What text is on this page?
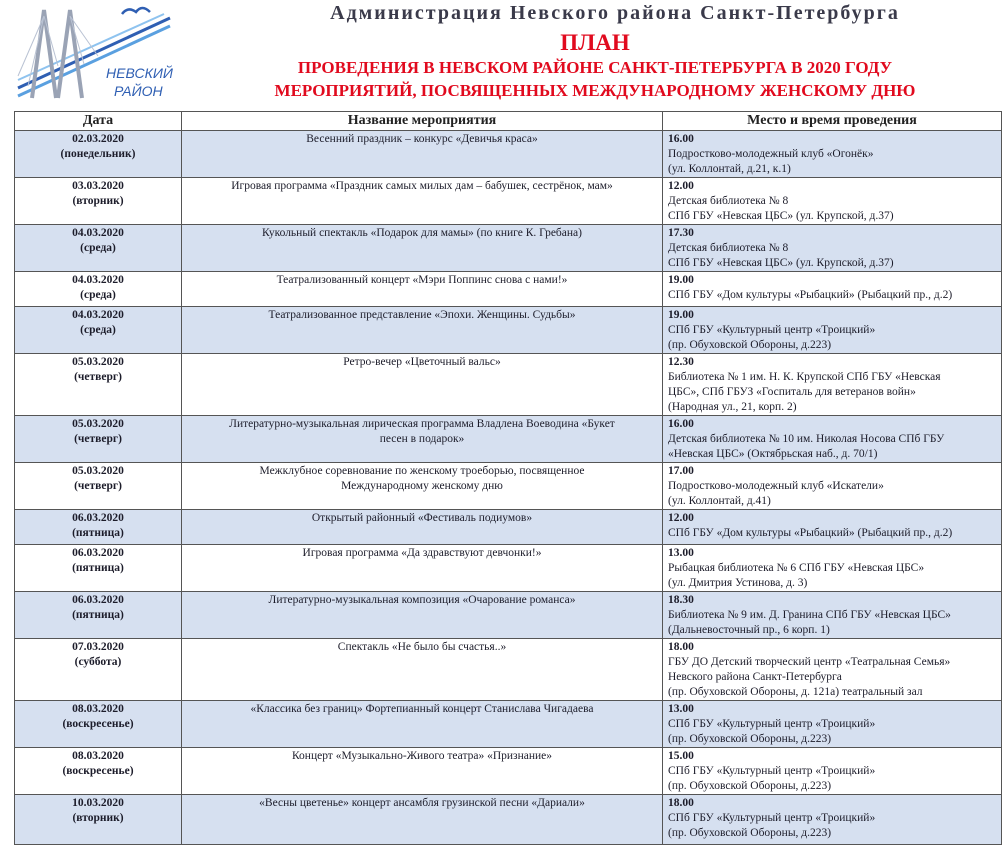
НЕВСКИЙ
РАЙОН
Администрация Невского района Санкт-Петербурга
ПЛАН
ПРОВЕДЕНИЯ В НЕВСКОМ РАЙОНЕ САНКТ-ПЕТЕРБУРГА В 2020 ГОДУ
МЕРОПРИЯТИЙ, ПОСВЯЩЕННЫХ МЕЖДУНАРОДНОМУ ЖЕНСКОМУ ДНЮ
Дата	Название мероприятия	Место и время проведения

02.03.2020
(понедельник)	Весенний праздник – конкурс «Девичья краса»	16.00
Подростково-молодежный клуб «Огонёк»
(ул. Коллонтай, д.21, к.1)

03.03.2020
(вторник)	Игровая программа «Праздник самых милых дам – бабушек, сестрёнок, мам»	12.00
Детская библиотека № 8
СПб ГБУ «Невская ЦБС» (ул. Крупской, д.37)

04.03.2020
(среда)	Кукольный спектакль «Подарок для мамы» (по книге К. Гребана)	17.30
Детская библиотека № 8
СПб ГБУ «Невская ЦБС» (ул. Крупской, д.37)

04.03.2020
(среда)	Театрализованный концерт «Мэри Поппинс снова с нами!»	19.00
СПб ГБУ «Дом культуры «Рыбацкий» (Рыбацкий пр., д.2)

04.03.2020
(среда)	Театрализованное представление «Эпохи. Женщины. Судьбы»	19.00
СПб ГБУ «Культурный центр «Троицкий»
(пр. Обуховской Обороны, д.223)

05.03.2020
(четверг)	Ретро-вечер «Цветочный вальс»	12.30
Библиотека № 1 им. Н. К. Крупской СПб ГБУ «Невская
ЦБС», СПб ГБУЗ «Госпиталь для ветеранов войн»
(Народная ул., 21, корп. 2)

05.03.2020
(четверг)	Литературно-музыкальная лирическая программа Владлена Воеводина «Букет
песен в подарок»	16.00
Детская библиотека № 10 им. Николая Носова СПб ГБУ
«Невская ЦБС» (Октябрьская наб., д. 70/1)

05.03.2020
(четверг)	Межклубное соревнование по женскому троеборью, посвященное
Международному женскому дню	17.00
Подростково-молодежный клуб «Искатели»
(ул. Коллонтай, д.41)

06.03.2020
(пятница)	Открытый районный «Фестиваль подиумов»	12.00
СПб ГБУ «Дом культуры «Рыбацкий» (Рыбацкий пр., д.2)

06.03.2020
(пятница)	Игровая программа «Да здравствуют девчонки!»	13.00
Рыбацкая библиотека № 6 СПб ГБУ «Невская ЦБС»
(ул. Дмитрия Устинова, д. 3)

06.03.2020
(пятница)	Литературно-музыкальная композиция «Очарование романса»	18.30
Библиотека № 9 им. Д. Гранина СПб ГБУ «Невская ЦБС»
(Дальневосточный пр., 6 корп. 1)

07.03.2020
(суббота)	Спектакль «Не было бы счастья..»	18.00
ГБУ ДО Детский творческий центр «Театральная Семья»
Невского района Санкт-Петербурга
(пр. Обуховской Обороны, д. 121а) театральный зал

08.03.2020
(воскресенье)	«Классика без границ» Фортепианный концерт Станислава Чигадаева	13.00
СПб ГБУ «Культурный центр «Троицкий»
(пр. Обуховской Обороны, д.223)

08.03.2020
(воскресенье)	Концерт «Музыкально-Живого театра» «Признание»	15.00
СПб ГБУ «Культурный центр «Троицкий»
(пр. Обуховской Обороны, д.223)

10.03.2020
(вторник)	«Весны цветенье» концерт ансамбля грузинской песни «Дариали»	18.00
СПб ГБУ «Культурный центр «Троицкий»
(пр. Обуховской Обороны, д.223)
